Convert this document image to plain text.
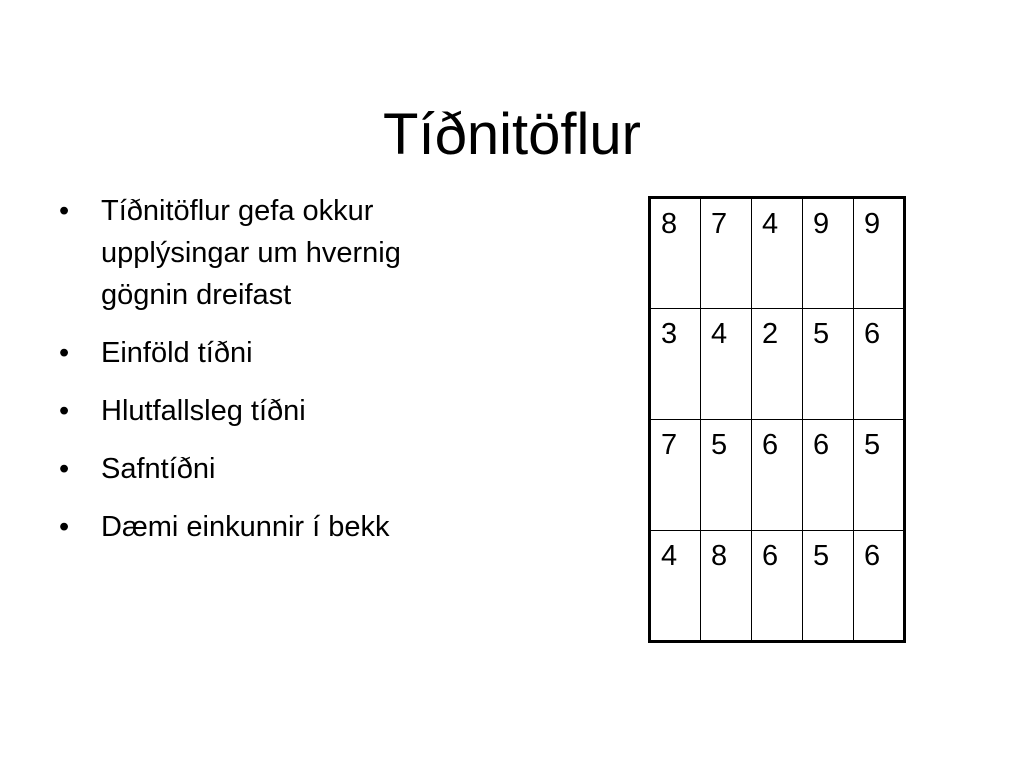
Tíðnitöflur
• Tíðnitöflur gefa okkur upplýsingar um hvernig gögnin dreifast
• Einföld tíðni
• Hlutfallsleg tíðni
• Safntíðni
• Dæmi einkunnir í bekk
8	7	4	9	9
3	4	2	5	6
7	5	6	6	5
4	8	6	5	6
